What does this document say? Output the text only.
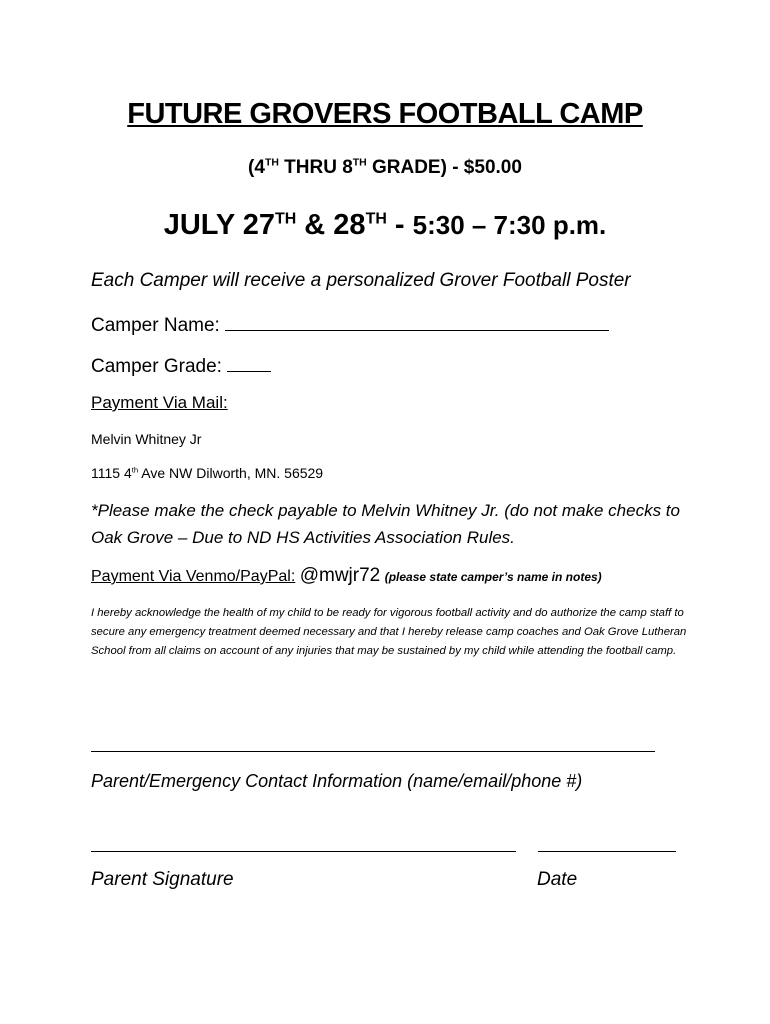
FUTURE GROVERS FOOTBALL CAMP
(4TH THRU 8TH GRADE) - $50.00
JULY 27TH & 28TH - 5:30 – 7:30 p.m.
Each Camper will receive a personalized Grover Football Poster
Camper Name:
Camper Grade:
Payment Via Mail:
Melvin Whitney Jr
1115 4th Ave NW Dilworth, MN. 56529
*Please make the check payable to Melvin Whitney Jr. (do not make checks to Oak Grove – Due to ND HS Activities Association Rules.
Payment Via Venmo/PayPal: @mwjr72 (please state camper’s name in notes)
I hereby acknowledge the health of my child to be ready for vigorous football activity and do authorize the camp staff to secure any emergency treatment deemed necessary and that I hereby release camp coaches and Oak Grove Lutheran School from all claims on account of any injuries that may be sustained by my child while attending the football camp.
Parent/Emergency Contact Information (name/email/phone #)
Parent Signature	Date
